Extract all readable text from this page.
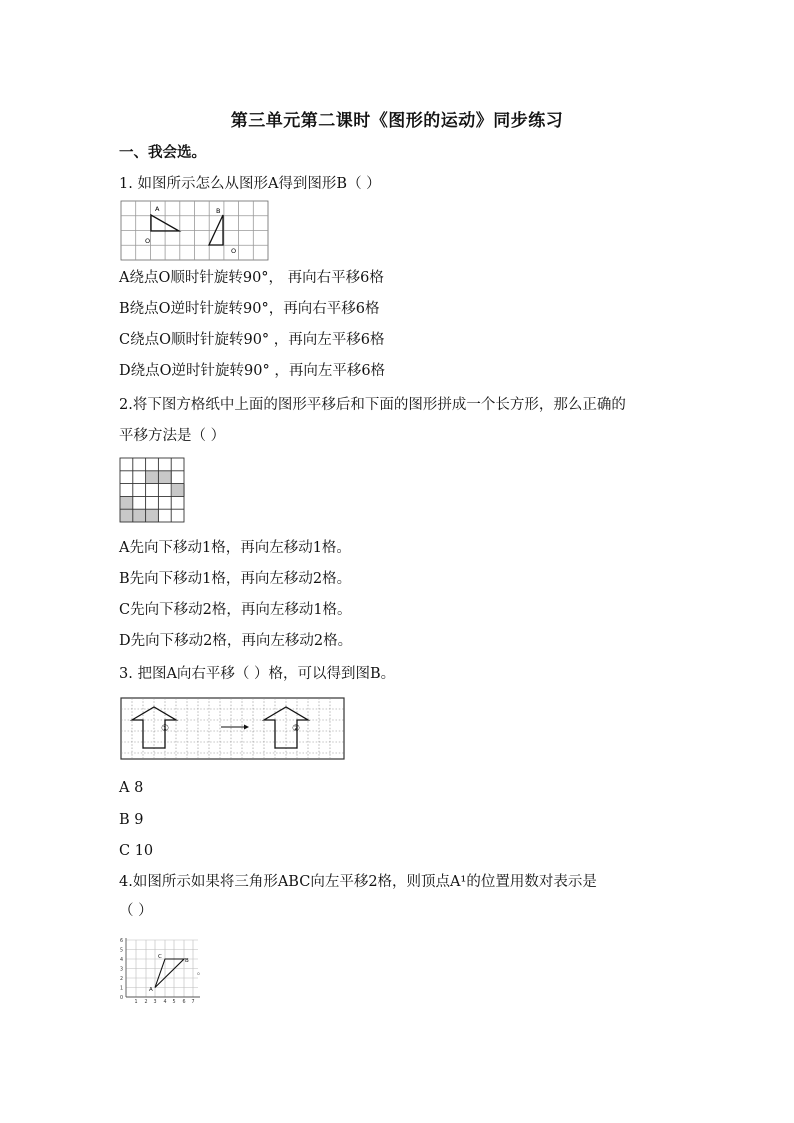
第三单元第二课时《图形的运动》同步练习
一、我会选。
1. 如图所示怎么从图形A得到图形B（ ）
A	B
O
O
A绕点O顺时针旋转90°， 再向右平移6格
B绕点O逆时针旋转90°，再向右平移6格
C绕点O顺时针旋转90° ，再向左平移6格
D绕点O逆时针旋转90° ，再向左平移6格
2.将下图方格纸中上面的图形平移后和下面的图形拼成一个长方形，那么正确的
平移方法是（ ）
A先向下移动1格，再向左移动1格。
B先向下移动1格，再向左移动2格。
C先向下移动2格，再向左移动1格。
D先向下移动2格，再向左移动2格。
3. 把图A向右平移（ ）格，可以得到图B。
①	②
A 8
B 9
C 10
4.如图所示如果将三角形ABC向左平移2格，则顶点A¹的位置用数对表示是
（ ）
0
1
2
3
4
5
6
1 2 3 4 5 6 7
A
B
C
。
